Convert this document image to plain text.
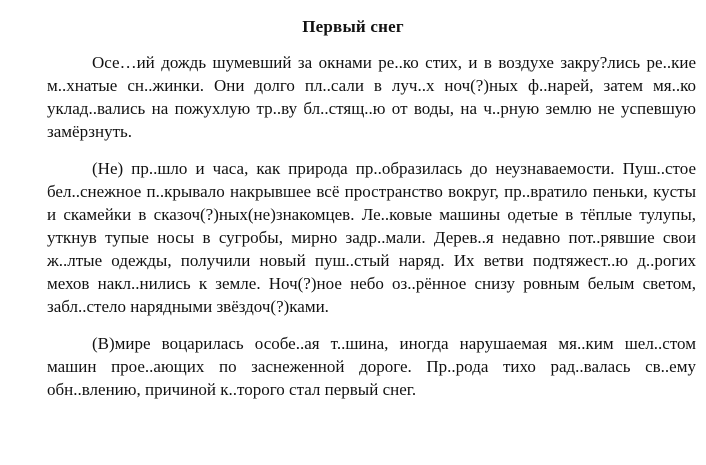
Первый снег

Осе…ий дождь шумевший за окнами ре..ко стих, и в воздухе закру?лись ре..кие м..хнатые сн..жинки. Они долго пл..сали в луч..х ноч(?)ных ф..нарей, затем мя..ко уклад..вались на пожухлую тр..ву бл..стящ..ю от воды, на ч..рную землю не успевшую замёрзнуть.

(Не) пр..шло и часа, как природа пр..образилась до неузнаваемости. Пуш..стое бел..снежное п..крывало накрывшее всё пространство вокруг, пр..вратило пеньки, кусты и скамейки в сказоч(?)ных(не)знакомцев. Ле..ковые машины одетые в тёплые тулупы, уткнув тупые носы в сугробы, мирно задр..мали. Дерев..я недавно пот..рявшие свои ж..лтые одежды, получили новый пуш..стый наряд. Их ветви подтяжест..ю д..рогих мехов накл..нились к земле. Ноч(?)ное небо оз..рённое снизу ровным белым светом, забл..стело нарядными звёздоч(?)ками.

(В)мире воцарилась особе..ая т..шина, иногда нарушаемая мя..ким шел..стом машин прое..ающих по заснеженной дороге. Пр..рода тихо рад..валась св..ему обн..влению, причиной к..торого стал первый снег.
